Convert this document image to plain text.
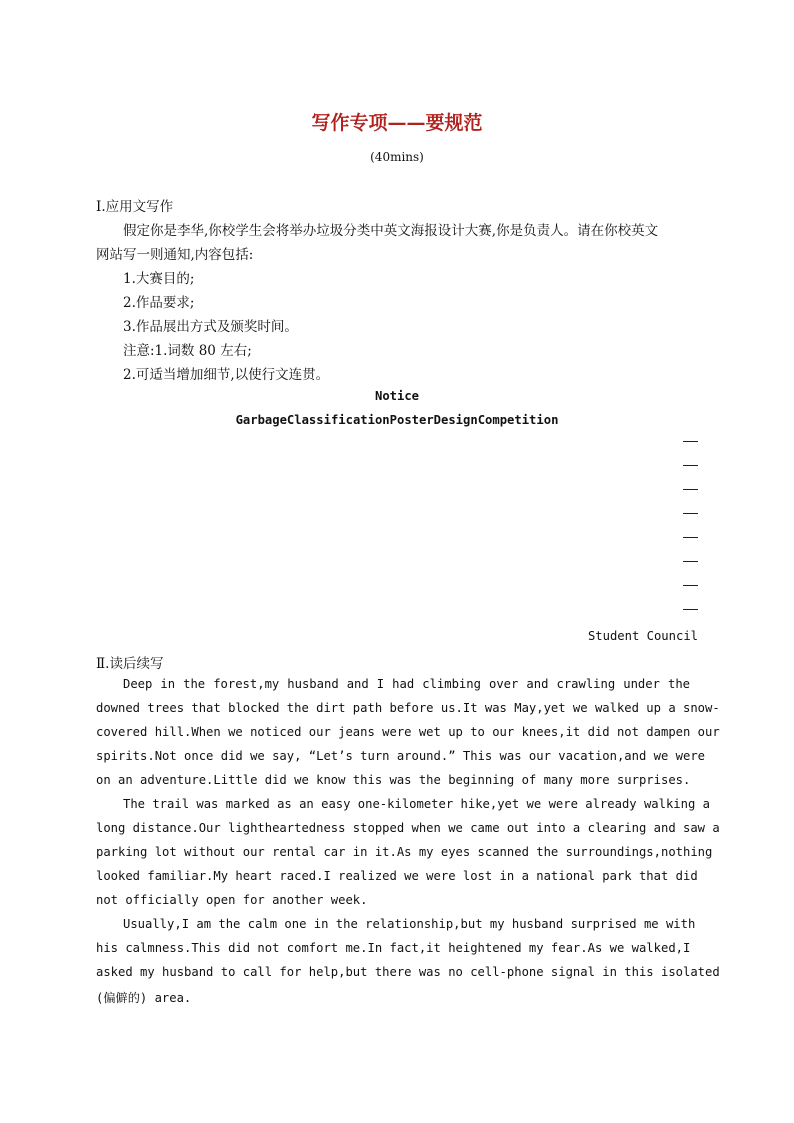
写作专项——要规范
(40mins)
Ⅰ.应用文写作
假定你是李华,你校学生会将举办垃圾分类中英文海报设计大赛,你是负责人。请在你校英文
网站写一则通知,内容包括:
1.大赛目的;
2.作品要求;
3.作品展出方式及颁奖时间。
注意:1.词数 80 左右;
2.可适当增加细节,以使行文连贯。
Notice
GarbageClassificationPosterDesignCompetition
Student Council
Ⅱ.读后续写
Deep in the forest,my husband and I had climbing over and crawling under the
downed trees that blocked the dirt path before us.It was May,yet we walked up a snow-
covered hill.When we noticed our jeans were wet up to our knees,it did not dampen our
spirits.Not once did we say, “Let’s turn around.” This was our vacation,and we were
on an adventure.Little did we know this was the beginning of many more surprises.
The trail was marked as an easy one-kilometer hike,yet we were already walking a
long distance.Our lightheartedness stopped when we came out into a clearing and saw a
parking lot without our rental car in it.As my eyes scanned the surroundings,nothing
looked familiar.My heart raced.I realized we were lost in a national park that did
not officially open for another week.
Usually,I am the calm one in the relationship,but my husband surprised me with
his calmness.This did not comfort me.In fact,it heightened my fear.As we walked,I
asked my husband to call for help,but there was no cell-phone signal in this isolated
(偏僻的) area.
